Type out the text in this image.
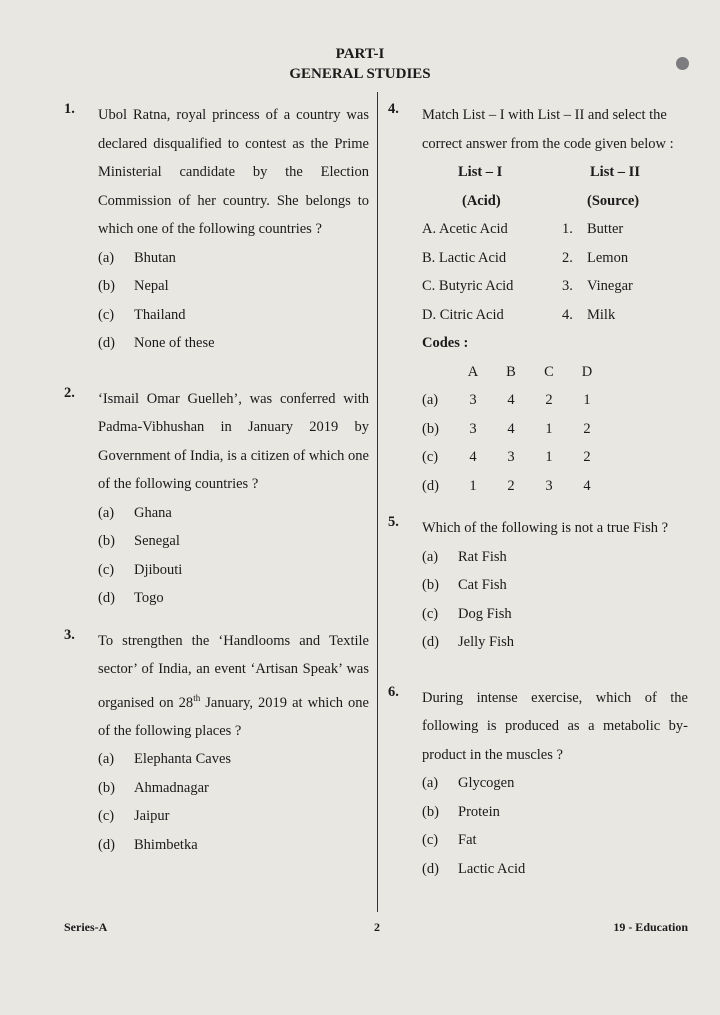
PART-I
GENERAL STUDIES
1. Ubol Ratna, royal princess of a country was declared disqualified to contest as the Prime Ministerial candidate by the Election Commission of her country. She belongs to which one of the following countries ?
(a)	Bhutan
(b)	Nepal
(c)	Thailand
(d)	None of these
2. ‘Ismail Omar Guelleh’, was conferred with Padma-Vibhushan in January 2019 by Government of India, is a citizen of which one of the following countries ?
(a)	Ghana
(b)	Senegal
(c)	Djibouti
(d)	Togo
3. To strengthen the ‘Handlooms and Textile sector’ of India, an event ‘Artisan Speak’ was organised on 28th January, 2019 at which one of the following places ?
(a)	Elephanta Caves
(b)	Ahmadnagar
(c)	Jaipur
(d)	Bhimbetka
4. Match List – I with List – II and select the correct answer from the code given below :
List – I	List – II
(Acid)	(Source)
A. Acetic Acid	1. Butter
B. Lactic Acid	2. Lemon
C. Butyric Acid	3. Vinegar
D. Citric Acid	4. Milk
Codes :
	A	B	C	D
(a)	3	4	2	1
(b)	3	4	1	2
(c)	4	3	1	2
(d)	1	2	3	4
5. Which of the following is not a true Fish ?
(a)	Rat Fish
(b)	Cat Fish
(c)	Dog Fish
(d)	Jelly Fish
6. During intense exercise, which of the following is produced as a metabolic by-product in the muscles ?
(a)	Glycogen
(b)	Protein
(c)	Fat
(d)	Lactic Acid
Series-A	2	19 - Education
